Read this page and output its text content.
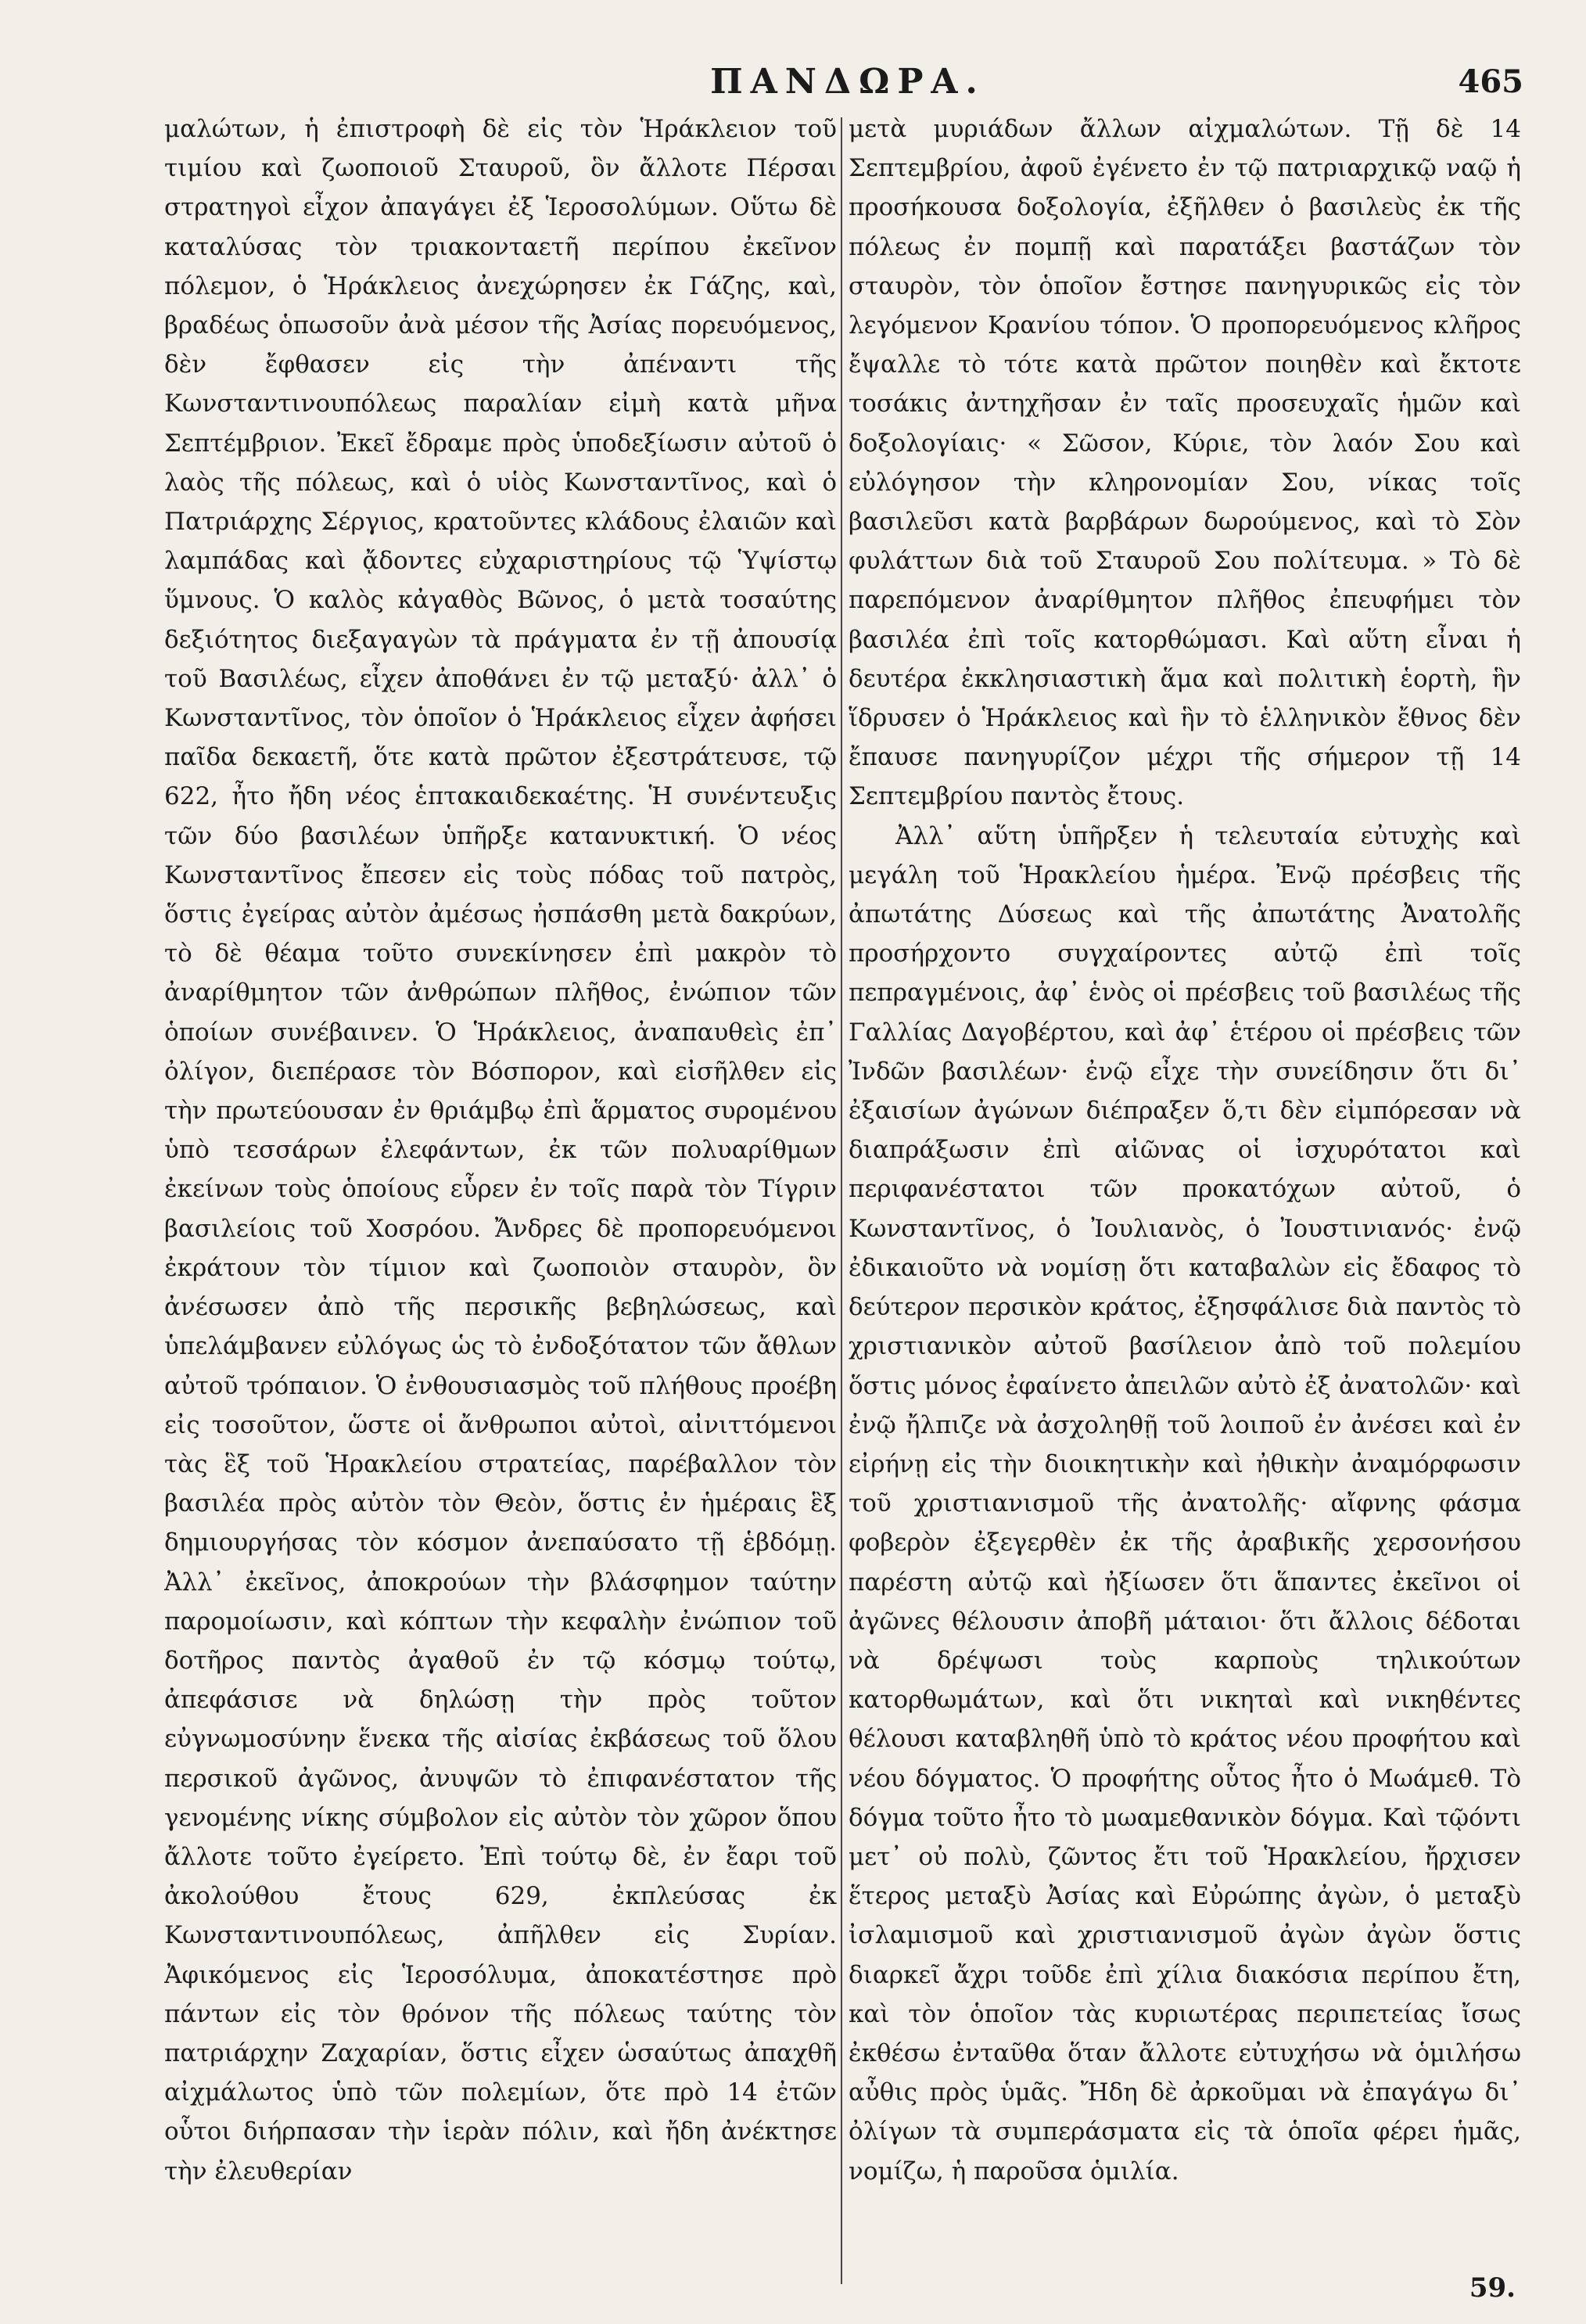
ΠΑΝΔΩΡΑ.	465

μαλώτων, ἡ ἐπιστροφὴ δὲ εἰς τὸν Ἡράκλειον τοῦ τιμίου καὶ ζωοποιοῦ Σταυροῦ, ὃν ἄλλοτε Πέρσαι στρατηγοὶ εἶχον ἀπαγάγει ἐξ Ἱεροσολύμων. Οὕτω δὲ καταλύσας τὸν τριακονταετῆ περίπου ἐκεῖνον πόλεμον, ὁ Ἡράκλειος ἀνεχώρησεν ἐκ Γάζης, καὶ, βραδέως ὁπωσοῦν ἀνὰ μέσον τῆς Ἀσίας πορευόμενος, δὲν ἔφθασεν εἰς τὴν ἀπέναντι τῆς Κωνσταντινουπόλεως παραλίαν εἰμὴ κατὰ μῆνα Σεπτέμβριον. Ἐκεῖ ἔδραμε πρὸς ὑποδεξίωσιν αὐτοῦ ὁ λαὸς τῆς πόλεως, καὶ ὁ υἱὸς Κωνσταντῖνος, καὶ ὁ Πατριάρχης Σέργιος, κρατοῦντες κλάδους ἐλαιῶν καὶ λαμπάδας καὶ ᾄδοντες εὐχαριστηρίους τῷ Ὑψίστῳ ὕμνους. Ὁ καλὸς κἀγαθὸς Βῶνος, ὁ μετὰ τοσαύτης δεξιότητος διεξαγαγὼν τὰ πράγματα ἐν τῇ ἀπουσίᾳ τοῦ Βασιλέως, εἶχεν ἀποθάνει ἐν τῷ μεταξύ· ἀλλ᾽ ὁ Κωνσταντῖνος, τὸν ὁποῖον ὁ Ἡράκλειος εἶχεν ἀφήσει παῖδα δεκαετῆ, ὅτε κατὰ πρῶτον ἐξεστράτευσε, τῷ 622, ἦτο ἤδη νέος ἑπτακαιδεκαέτης. Ἡ συνέντευξις τῶν δύο βασιλέων ὑπῆρξε κατανυκτική. Ὁ νέος Κωνσταντῖνος ἔπεσεν εἰς τοὺς πόδας τοῦ πατρὸς, ὅστις ἐγείρας αὐτὸν ἀμέσως ἠσπάσθη μετὰ δακρύων, τὸ δὲ θέαμα τοῦτο συνεκίνησεν ἐπὶ μακρὸν τὸ ἀναρίθμητον τῶν ἀνθρώπων πλῆθος, ἐνώπιον τῶν ὁποίων συνέβαινεν. Ὁ Ἡράκλειος, ἀναπαυθεὶς ἐπ᾽ ὀλίγον, διεπέρασε τὸν Βόσπορον, καὶ εἰσῆλθεν εἰς τὴν πρωτεύουσαν ἐν θριάμβῳ ἐπὶ ἅρματος συρομένου ὑπὸ τεσσάρων ἐλεφάντων, ἐκ τῶν πολυαρίθμων ἐκείνων τοὺς ὁποίους εὗρεν ἐν τοῖς παρὰ τὸν Τίγριν βασιλείοις τοῦ Χοσρόου. Ἄνδρες δὲ προπορευόμενοι ἐκράτουν τὸν τίμιον καὶ ζωοποιὸν σταυρὸν, ὃν ἀνέσωσεν ἀπὸ τῆς περσικῆς βεβηλώσεως, καὶ ὑπελάμβανεν εὐλόγως ὡς τὸ ἐνδοξότατον τῶν ἄθλων αὐτοῦ τρόπαιον. Ὁ ἐνθουσιασμὸς τοῦ πλήθους προέβη εἰς τοσοῦτον, ὥστε οἱ ἄνθρωποι αὐτοὶ, αἰνιττόμενοι τὰς ἓξ τοῦ Ἡρακλείου στρατείας, παρέβαλλον τὸν βασιλέα πρὸς αὐτὸν τὸν Θεὸν, ὅστις ἐν ἡμέραις ἓξ δημιουργήσας τὸν κόσμον ἀνεπαύσατο τῇ ἑβδόμῃ. Ἀλλ᾽ ἐκεῖνος, ἀποκρούων τὴν βλάσφημον ταύτην παρομοίωσιν, καὶ κόπτων τὴν κεφαλὴν ἐνώπιον τοῦ δοτῆρος παντὸς ἀγαθοῦ ἐν τῷ κόσμῳ τούτῳ, ἀπεφάσισε νὰ δηλώσῃ τὴν πρὸς τοῦτον εὐγνωμοσύνην ἕνεκα τῆς αἰσίας ἐκβάσεως τοῦ ὅλου περσικοῦ ἀγῶνος, ἀνυψῶν τὸ ἐπιφανέστατον τῆς γενομένης νίκης σύμβολον εἰς αὐτὸν τὸν χῶρον ὅπου ἄλλοτε τοῦτο ἐγείρετο. Ἐπὶ τούτῳ δὲ, ἐν ἔαρι τοῦ ἀκολούθου ἔτους 629, ἐκπλεύσας ἐκ Κωνσταντινουπόλεως, ἀπῆλθεν εἰς Συρίαν. Ἀφικόμενος εἰς Ἱεροσόλυμα, ἀποκατέστησε πρὸ πάντων εἰς τὸν θρόνον τῆς πόλεως ταύτης τὸν πατριάρχην Ζαχαρίαν, ὅστις εἶχεν ὡσαύτως ἀπαχθῆ αἰχμάλωτος ὑπὸ τῶν πολεμίων, ὅτε πρὸ 14 ἐτῶν οὗτοι διήρπασαν τὴν ἱερὰν πόλιν, καὶ ἤδη ἀνέκτησε τὴν ἐλευθερίαν

μετὰ μυριάδων ἄλλων αἰχμαλώτων. Τῇ δὲ 14 Σεπτεμβρίου, ἀφοῦ ἐγένετο ἐν τῷ πατριαρχικῷ ναῷ ἡ προσήκουσα δοξολογία, ἐξῆλθεν ὁ βασιλεὺς ἐκ τῆς πόλεως ἐν πομπῇ καὶ παρατάξει βαστάζων τὸν σταυρὸν, τὸν ὁποῖον ἔστησε πανηγυρικῶς εἰς τὸν λεγόμενον Κρανίου τόπον. Ὁ προπορευόμενος κλῆρος ἔψαλλε τὸ τότε κατὰ πρῶτον ποιηθὲν καὶ ἔκτοτε τοσάκις ἀντηχῆσαν ἐν ταῖς προσευχαῖς ἡμῶν καὶ δοξολογίαις· « Σῶσον, Κύριε, τὸν λαόν Σου καὶ εὐλόγησον τὴν κληρονομίαν Σου, νίκας τοῖς βασιλεῦσι κατὰ βαρβάρων δωρούμενος, καὶ τὸ Σὸν φυλάττων διὰ τοῦ Σταυροῦ Σου πολίτευμα. » Τὸ δὲ παρεπόμενον ἀναρίθμητον πλῆθος ἐπευφήμει τὸν βασιλέα ἐπὶ τοῖς κατορθώμασι. Καὶ αὕτη εἶναι ἡ δευτέρα ἐκκλησιαστικὴ ἅμα καὶ πολιτικὴ ἑορτὴ, ἣν ἵδρυσεν ὁ Ἡράκλειος καὶ ἣν τὸ ἑλληνικὸν ἔθνος δὲν ἔπαυσε πανηγυρίζον μέχρι τῆς σήμερον τῇ 14 Σεπτεμβρίου παντὸς ἔτους.

Ἀλλ᾽ αὕτη ὑπῆρξεν ἡ τελευταία εὐτυχὴς καὶ μεγάλη τοῦ Ἡρακλείου ἡμέρα. Ἐνῷ πρέσβεις τῆς ἀπωτάτης Δύσεως καὶ τῆς ἀπωτάτης Ἀνατολῆς προσήρχοντο συγχαίροντες αὐτῷ ἐπὶ τοῖς πεπραγμένοις, ἀφ᾽ ἑνὸς οἱ πρέσβεις τοῦ βασιλέως τῆς Γαλλίας Δαγοβέρτου, καὶ ἀφ᾽ ἑτέρου οἱ πρέσβεις τῶν Ἰνδῶν βασιλέων· ἐνῷ εἶχε τὴν συνείδησιν ὅτι δι᾽ ἐξαισίων ἀγώνων διέπραξεν ὅ,τι δὲν εἰμπόρεσαν νὰ διαπράξωσιν ἐπὶ αἰῶνας οἱ ἰσχυρότατοι καὶ περιφανέστατοι τῶν προκατόχων αὐτοῦ, ὁ Κωνσταντῖνος, ὁ Ἰουλιανὸς, ὁ Ἰουστινιανός· ἐνῷ ἐδικαιοῦτο νὰ νομίσῃ ὅτι καταβαλὼν εἰς ἔδαφος τὸ δεύτερον περσικὸν κράτος, ἐξησφάλισε διὰ παντὸς τὸ χριστιανικὸν αὐτοῦ βασίλειον ἀπὸ τοῦ πολεμίου ὅστις μόνος ἐφαίνετο ἀπειλῶν αὐτὸ ἐξ ἀνατολῶν· καὶ ἐνῷ ἤλπιζε νὰ ἀσχοληθῇ τοῦ λοιποῦ ἐν ἀνέσει καὶ ἐν εἰρήνῃ εἰς τὴν διοικητικὴν καὶ ἠθικὴν ἀναμόρφωσιν τοῦ χριστιανισμοῦ τῆς ἀνατολῆς· αἴφνης φάσμα φοβερὸν ἐξεγερθὲν ἐκ τῆς ἀραβικῆς χερσονήσου παρέστη αὐτῷ καὶ ἠξίωσεν ὅτι ἅπαντες ἐκεῖνοι οἱ ἀγῶνες θέλουσιν ἀποβῆ μάταιοι· ὅτι ἄλλοις δέδοται νὰ δρέψωσι τοὺς καρποὺς τηλικούτων κατορθωμάτων, καὶ ὅτι νικηταὶ καὶ νικηθέντες θέλουσι καταβληθῆ ὑπὸ τὸ κράτος νέου προφήτου καὶ νέου δόγματος. Ὁ προφήτης οὗτος ἦτο ὁ Μωάμεθ. Τὸ δόγμα τοῦτο ἦτο τὸ μωαμεθανικὸν δόγμα. Καὶ τῷόντι μετ᾽ οὐ πολὺ, ζῶντος ἔτι τοῦ Ἡρακλείου, ἤρχισεν ἕτερος μεταξὺ Ἀσίας καὶ Εὐρώπης ἀγὼν, ὁ μεταξὺ ἰσλαμισμοῦ καὶ χριστιανισμοῦ ἀγὼν ἀγὼν ὅστις διαρκεῖ ἄχρι τοῦδε ἐπὶ χίλια διακόσια περίπου ἔτη, καὶ τὸν ὁποῖον τὰς κυριωτέρας περιπετείας ἴσως ἐκθέσω ἐνταῦθα ὅταν ἄλλοτε εὐτυχήσω νὰ ὁμιλήσω αὖθις πρὸς ὑμᾶς. Ἤδη δὲ ἀρκοῦμαι νὰ ἐπαγάγω δι᾽ ὀλίγων τὰ συμπεράσματα εἰς τὰ ὁποῖα φέρει ἡμᾶς, νομίζω, ἡ παροῦσα ὁμιλία.

59.
